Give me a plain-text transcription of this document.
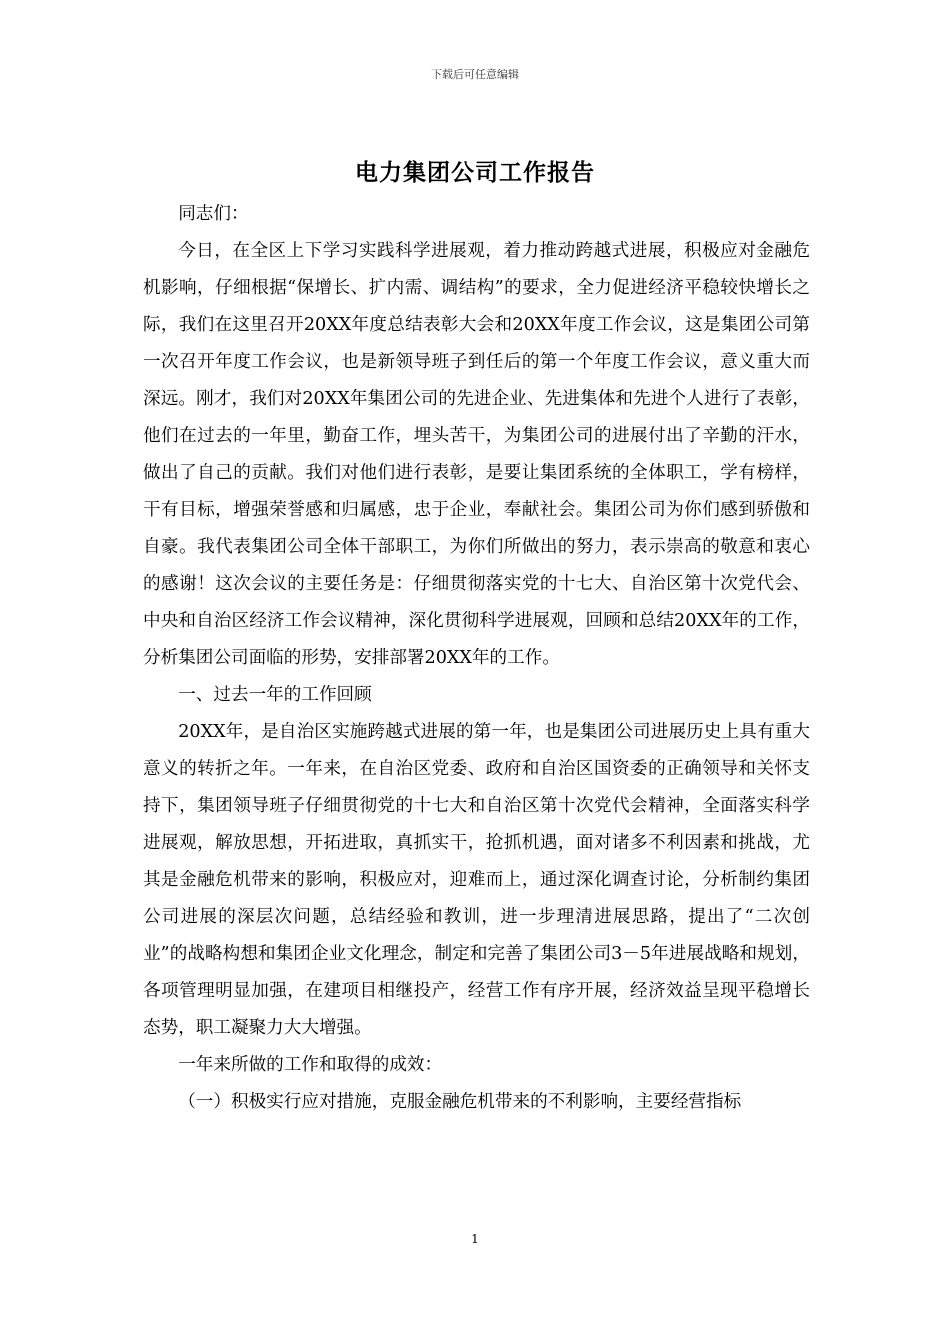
下载后可任意编辑
电力集团公司工作报告

同志们：

今日，在全区上下学习实践科学进展观，着力推动跨越式进展，积极应对金融危机影响，仔细根据“保增长、扩内需、调结构”的要求，全力促进经济平稳较快增长之际，我们在这里召开20XX年度总结表彰大会和20XX年度工作会议，这是集团公司第一次召开年度工作会议，也是新领导班子到任后的第一个年度工作会议，意义重大而深远。刚才，我们对20XX年集团公司的先进企业、先进集体和先进个人进行了表彰，他们在过去的一年里，勤奋工作，埋头苦干，为集团公司的进展付出了辛勤的汗水，做出了自己的贡献。我们对他们进行表彰，是要让集团系统的全体职工，学有榜样，干有目标，增强荣誉感和归属感，忠于企业，奉献社会。集团公司为你们感到骄傲和自豪。我代表集团公司全体干部职工，为你们所做出的努力，表示崇高的敬意和衷心的感谢！这次会议的主要任务是：仔细贯彻落实党的十七大、自治区第十次党代会、中央和自治区经济工作会议精神，深化贯彻科学进展观，回顾和总结20XX年的工作，分析集团公司面临的形势，安排部署20XX年的工作。

一、过去一年的工作回顾

20XX年，是自治区实施跨越式进展的第一年，也是集团公司进展历史上具有重大意义的转折之年。一年来，在自治区党委、政府和自治区国资委的正确领导和关怀支持下，集团领导班子仔细贯彻党的十七大和自治区第十次党代会精神，全面落实科学进展观，解放思想，开拓进取，真抓实干，抢抓机遇，面对诸多不利因素和挑战，尤其是金融危机带来的影响，积极应对，迎难而上，通过深化调查讨论，分析制约集团公司进展的深层次问题，总结经验和教训，进一步理清进展思路，提出了“二次创业”的战略构想和集团企业文化理念，制定和完善了集团公司3－5年进展战略和规划，各项管理明显加强，在建项目相继投产，经营工作有序开展，经济效益呈现平稳增长态势，职工凝聚力大大增强。

一年来所做的工作和取得的成效：

（一）积极实行应对措施，克服金融危机带来的不利影响，主要经营指标

1
